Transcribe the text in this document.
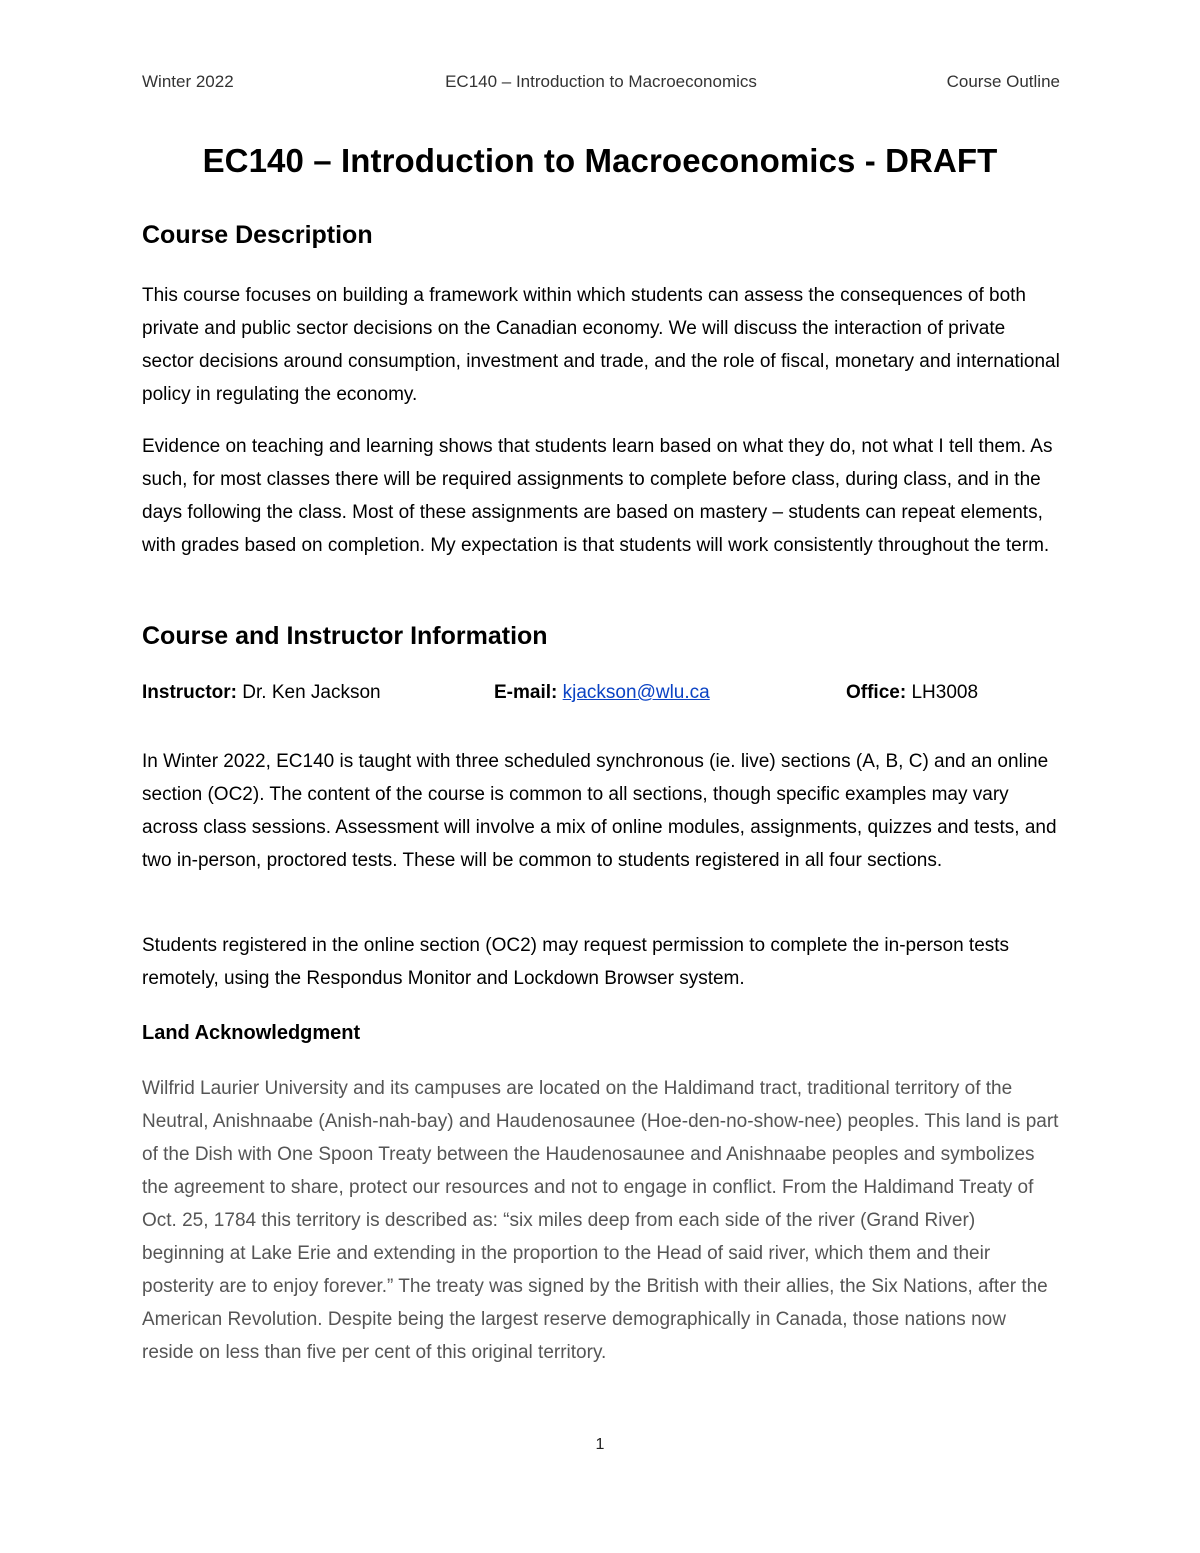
Winter 2022	EC140 – Introduction to Macroeconomics	Course Outline
EC140 – Introduction to Macroeconomics - DRAFT
Course Description

This course focuses on building a framework within which students can assess the consequences of both private and public sector decisions on the Canadian economy. We will discuss the interaction of private sector decisions around consumption, investment and trade, and the role of fiscal, monetary and international policy in regulating the economy.

Evidence on teaching and learning shows that students learn based on what they do, not what I tell them. As such, for most classes there will be required assignments to complete before class, during class, and in the days following the class. Most of these assignments are based on mastery – students can repeat elements, with grades based on completion. My expectation is that students will work consistently throughout the term.

Course and Instructor Information
Instructor: Dr. Ken Jackson	E-mail: kjackson@wlu.ca	Office: LH3008

In Winter 2022, EC140 is taught with three scheduled synchronous (ie. live) sections (A, B, C) and an online section (OC2). The content of the course is common to all sections, though specific examples may vary across class sessions. Assessment will involve a mix of online modules, assignments, quizzes and tests, and two in-person, proctored tests. These will be common to students registered in all four sections.

Students registered in the online section (OC2) may request permission to complete the in-person tests remotely, using the Respondus Monitor and Lockdown Browser system.

Land Acknowledgment

Wilfrid Laurier University and its campuses are located on the Haldimand tract, traditional territory of the Neutral, Anishnaabe (Anish-nah-bay) and Haudenosaunee (Hoe-den-no-show-nee) peoples. This land is part of the Dish with One Spoon Treaty between the Haudenosaunee and Anishnaabe peoples and symbolizes the agreement to share, protect our resources and not to engage in conflict. From the Haldimand Treaty of Oct. 25, 1784 this territory is described as: “six miles deep from each side of the river (Grand River) beginning at Lake Erie and extending in the proportion to the Head of said river, which them and their posterity are to enjoy forever.” The treaty was signed by the British with their allies, the Six Nations, after the American Revolution. Despite being the largest reserve demographically in Canada, those nations now reside on less than five per cent of this original territory.

1
